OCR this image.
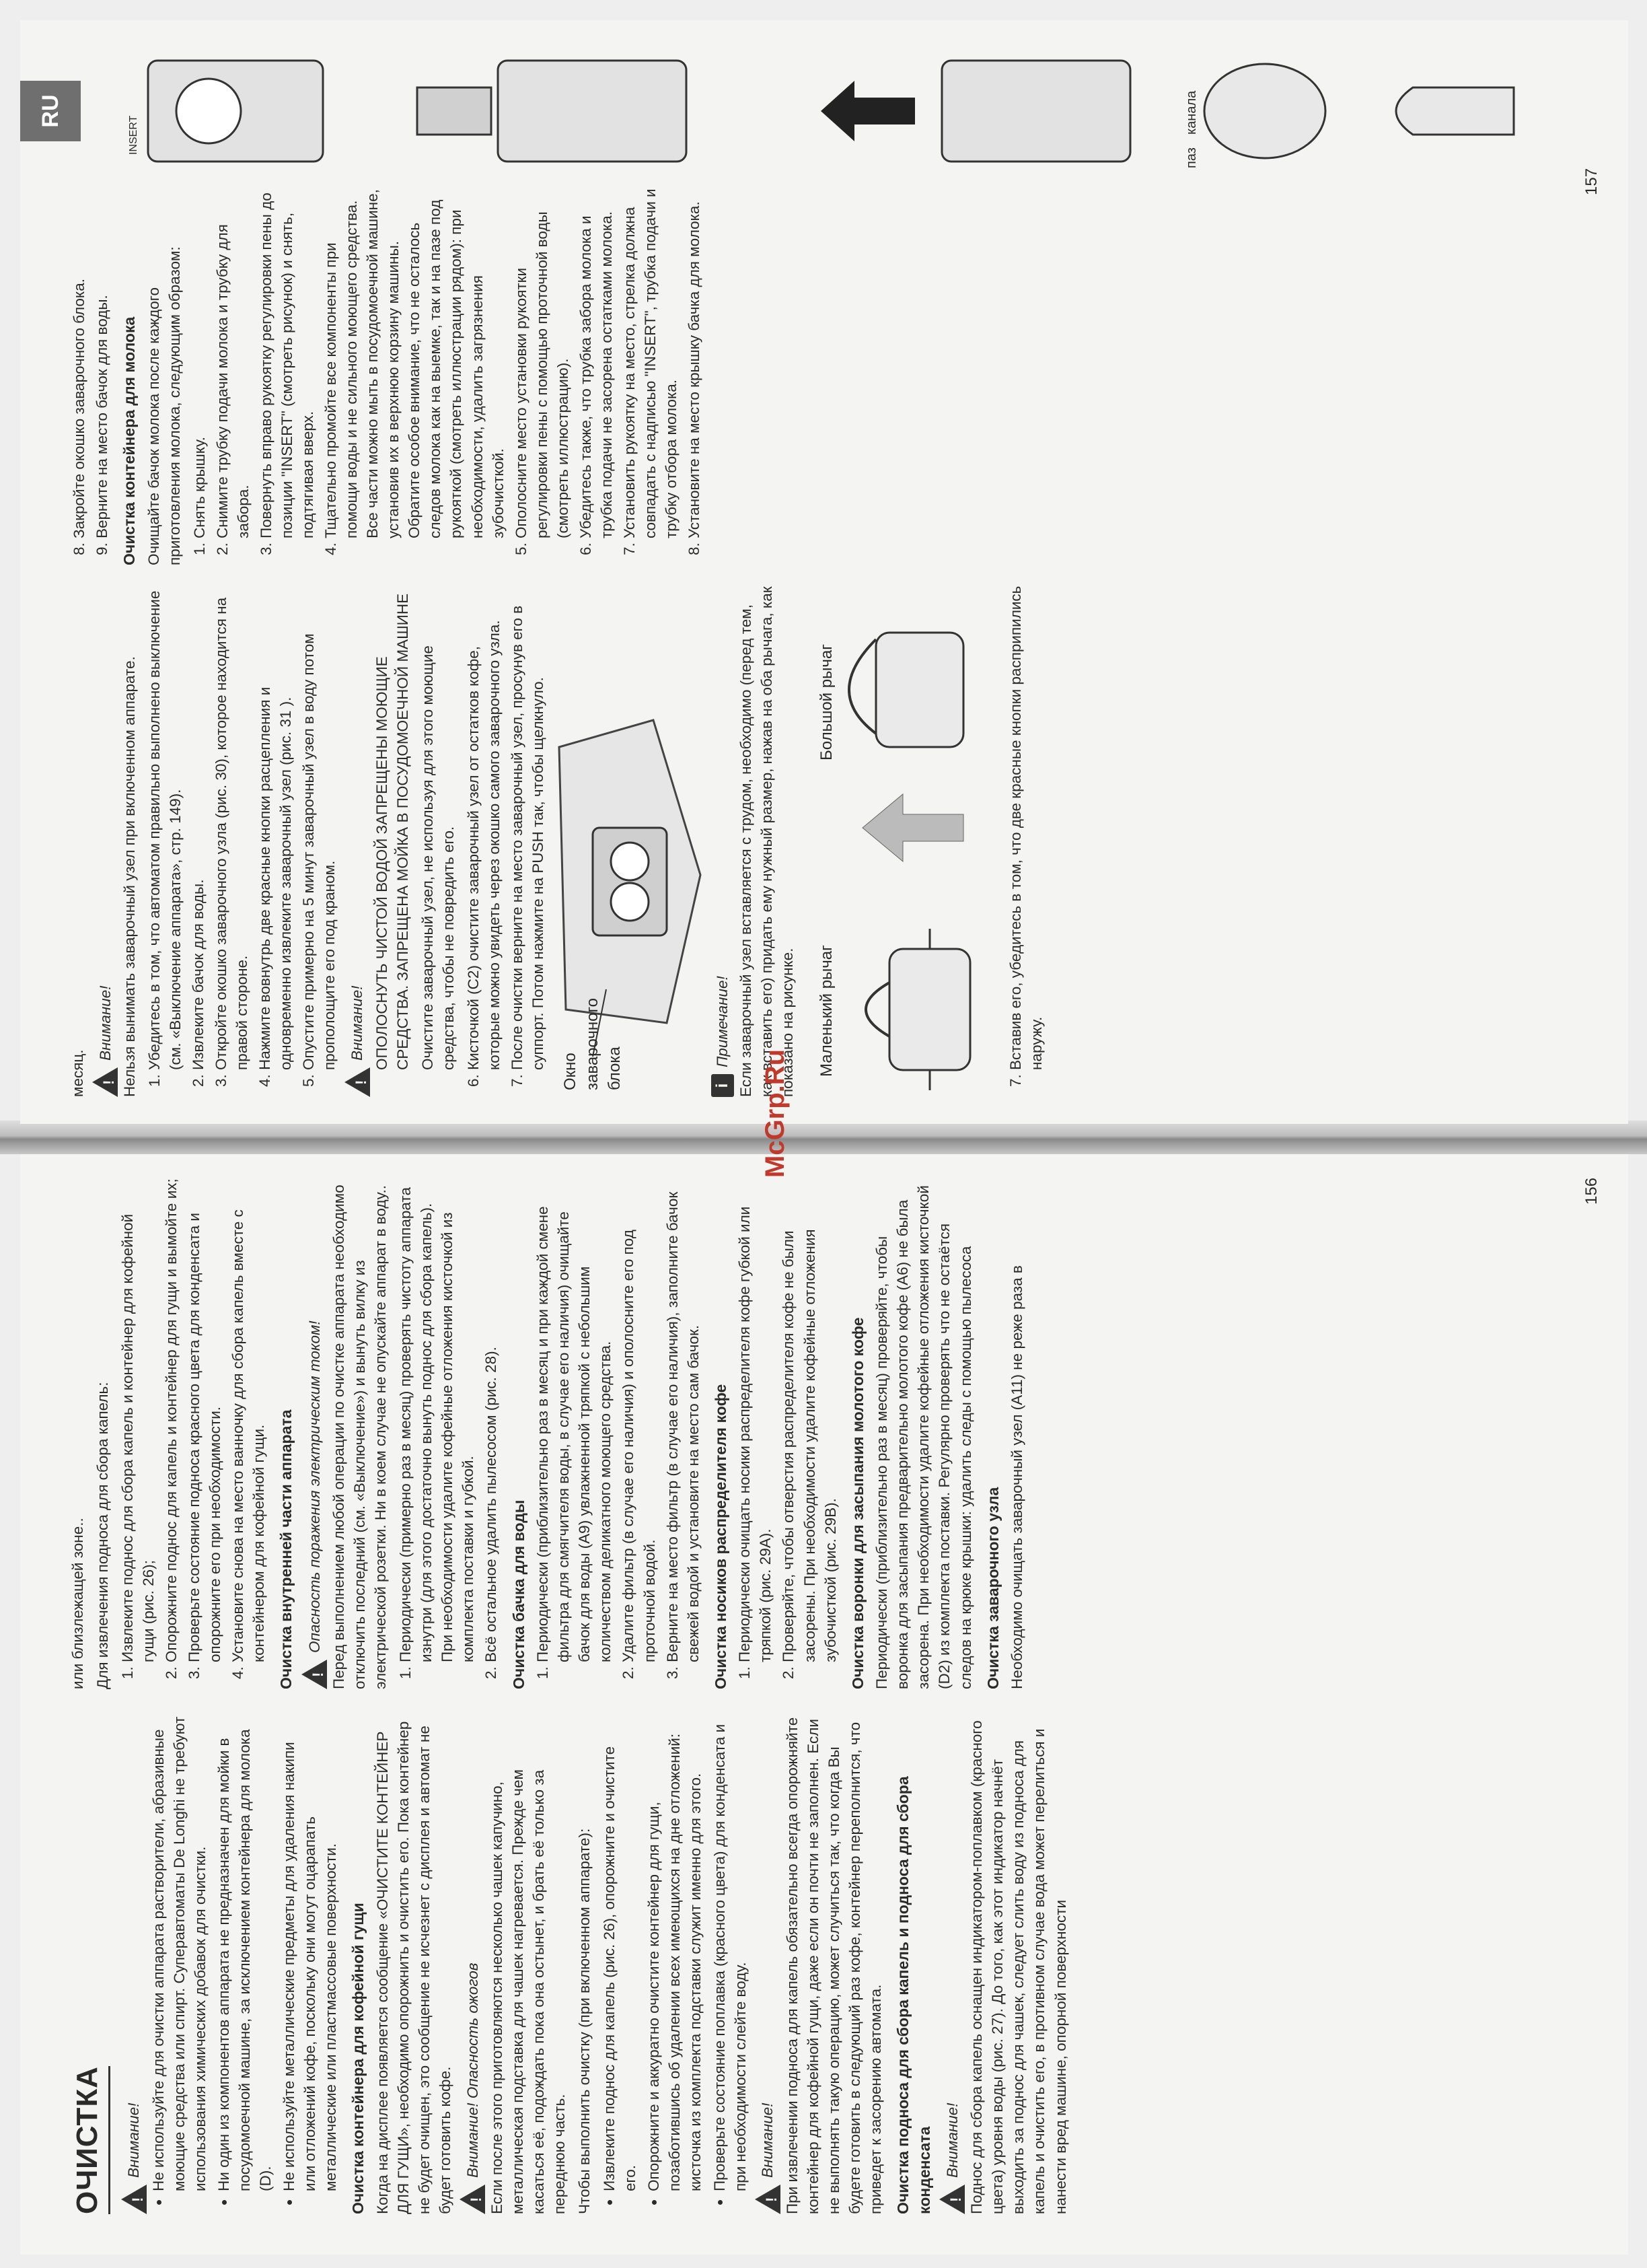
ОЧИСТКА
! Внимание! • Не используйте для очистки аппарата растворители, абразивные моющие средства или спирт. Суперавтоматы De Longhi не требуют использования химических добавок для очистки. • Ни один из компонентов аппарата не предназначен для мойки в посудомоечной машине, за исключением контейнера для молока (D). • Не используйте металлические предметы для удаления накипи или отложений кофе, поскольку они могут оцарапать металлические или пластмассовые поверхности. Очистка контейнера для кофейной гущи Когда на дисплее появляется сообщение «ОЧИСТИТЕ КОНТЕЙНЕР ДЛЯ ГУЩИ», необходимо опорожнить и очистить его. Пока контейнер не будет очищен, это сообщение не исчезнет с дисплея и автомат не будет готовить кофе.

! Внимание! Опасность ожогов Если после этого приготовляются несколько чашек капучино, металлическая подставка для чашек нагревается. Прежде чем касаться её, подождать пока она остынет, и брать её только за переднюю часть. Чтобы выполнить очистку (при включенном аппарате): • Извлеките поднос для капель (рис. 26), опорожните и очистите его. • Опорожните и аккуратно очистите контейнер для гущи, позаботившись об удалении всех имеющихся на дне отложений: кисточка из комплекта подставки служит именно для этого. • Проверьте состояние поплавка (красного цвета) для конденсата и при необходимости слейте воду.
! Внимание! При извлечении подноса для капель обязательно всегда опорожняйте контейнер для кофейной гущи, даже если он почти не заполнен. Если не выполнять такую операцию, может случиться так, что когда Вы будете готовить в следующий раз кофе, контейнер переполнится, что приведет к засорению автомата. Очистка подноса для сбора капель и подноса для сбора конденсата
! Внимание! Поднос для сбора капель оснащен индикатором-поплавком (красного цвета) уровня воды (рис. 27). До того, как этот индикатор начнёт выходить за поднос для чашек, следует слить воду из подноса для капель и очистить его, в противном случае вода может перелиться и нанести вред машине, опорной поверхности

или близлежащей зоне.. Для извлечения подноса для сбора капель: 1. Извлеките поднос для сбора капель и контейнер для кофейной гущи (рис. 26); 2. Опорожните поднос для капель и контейнер для гущи и вымойте их; 3. Проверьте состояние подноса красного цвета для конденсата и опорожните его при необходимости. 4. Установите снова на место ванночку для сбора капель вместе с контейнером для кофейной гущи. Очистка внутренней части аппарата
! Опасность поражения электрическим током! Перед выполнением любой операции по очистке аппарата необходимо отключить последний (см. «Выключение») и вынуть вилку из электрической розетки. Ни в коем случае не опускайте аппарат в воду.. 1. Периодически (примерно раз в месяц) проверять чистоту аппарата изнутри (для этого достаточно вынуть поднос для сбора капель). При необходимости удалите кофейные отложения кисточкой из комплекта поставки и губкой. 2. Всё остальное удалить пылесосом (рис. 28). Очистка бачка для воды 1. Периодически (приблизительно раз в месяц и при каждой смене фильтра для смягчителя воды, в случае его наличия) очищайте бачок для воды (A9) увлажненной тряпкой с небольшим количеством деликатного моющего средства. 2. Удалите фильтр (в случае его наличия) и ополосните его под проточной водой. 3. Верните на место фильтр (в случае его наличия), заполните бачок свежей водой и установите на место сам бачок. Очистка носиков распределителя кофе 1. Периодически очищать носики распределителя кофе губкой или тряпкой (рис. 29А). 2. Проверяйте, чтобы отверстия распределителя кофе не были засорены. При необходимости удалите кофейные отложения зубочисткой (рис. 29В). Очистка воронки для засыпания молотого кофе Периодически (приблизительно раз в месяц) проверяйте, чтобы воронка для засыпания предварительно молотого кофе (A6) не была засорена. При необходимости удалите кофейные отложения кисточкой (D2) из комплекта поставки. Регулярно проверять что не остаётся следов на крюке крышки: удалить следы с помощью пылесоса Очистка заварочного узла Необходимо очищать заварочный узел (A11) не реже раза в

156

месяц.

!
Внимание! Нельзя вынимать заварочный узел при включенном аппарате. 1. Убедитесь в том, что автоматом правильно выполнено выключение (см. «Выключение аппарата», стр. 149). 2. Извлеките бачок для воды. 3. Откройте окошко заварочного узла (рис. 30), которое находится на правой стороне. 4. Нажмите вовнутрь две красные кнопки расцепления и одновременно извлеките заварочный узел (рис. 31 ). 5. Опустите примерно на 5 минут заварочный узел в воду потом прополощите его под краном.
! Внимание! ОПОЛОСНУТЬ ЧИСТОЙ ВОДОЙ ЗАПРЕЩЕНЫ МОЮЩИЕ СРЕДСТВА. ЗАПРЕЩЕНА МОЙКА В ПОСУДОМОЕЧНОЙ МАШИНЕ Очистите заварочный узел, не используя для этого моющие средства, чтобы не повредить его. 6. Кисточкой (С2) очистите заварочный узел от остатков кофе, которые можно увидеть через окошко самого заварочного узла. 7. После очистки верните на место заварочный узел, просунув его в суппорт. Потом нажмите на PUSH так, чтобы щелкнуло.
Окно заварочного блока	i
Примечание! Если заварочный узел вставляется с трудом, необходимо (перед тем, как вставить его) придать ему нужный размер, нажав на оба рычага, как показано на рисунке. Маленький рычаг
Большой рычаг	7. Вставив его, убедитесь в том, что две красные кнопки расприпились наружу.
8. Закройте окошко заварочного блока. 9. Верните на место бачок для воды. Очистка контейнера для молока Очищайте бачок молока после каждого приготовления молока, следующим образом: 1. Снять крышку. 2. Снимите трубку подачи молока и трубку для забора. 3. Повернуть вправо рукоятку регулировки пены до позиции "INSERT" (смотреть рисунок) и снять, подтягивая вверх. 4. Тщательно промойте все компоненты при помощи воды и не сильного моющего средства. Все части можно мыть в посудомоечной машине, установив их в верхнюю корзину машины. Обратите особое внимание, что не осталось следов молока как на выемке, так и на пазе под рукояткой (смотреть иллюстрации рядом): при необходимости, удалить загрязнения зубочисткой. 5. Ополосните место установки рукоятки регулировки пены с помощью проточной воды (смотреть иллюстрацию). 6. Убедитесь также, что трубка забора молока и трубка подачи не засорена остатками молока. 7. Установить рукоятку на место, стрелка должна совпадать с надписью "INSERT", трубка подачи и трубку отбора молока. 8. Установите на место крышку бачка для молока.
INSERT
паз
канала
RU
157
McGrp.Ru
